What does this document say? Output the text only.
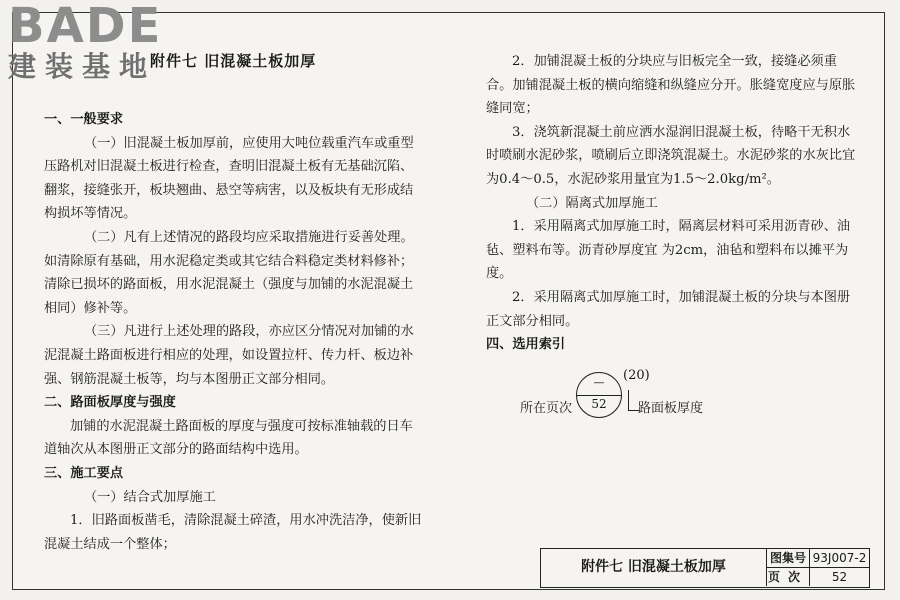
BADE
建装基地
附件七 旧混凝土板加厚

一、一般要求

（一）旧混凝土板加厚前，应使用大吨位载重汽车或重型压路机对旧混凝土板进行检查，查明旧混凝土板有无基础沉陷、翻浆，接缝张开，板块翘曲、悬空等病害，以及板块有无形成结构损坏等情况。

（二）凡有上述情况的路段均应采取措施进行妥善处理。如清除原有基础，用水泥稳定类或其它结合料稳定类材料修补；清除已损坏的路面板，用水泥混凝土（强度与加铺的水泥混凝土相同）修补等。

（三）凡进行上述处理的路段，亦应区分情况对加铺的水泥混凝土路面板进行相应的处理，如设置拉杆、传力杆、板边补强、钢筋混凝土板等，均与本图册正文部分相同。

二、路面板厚度与强度

加铺的水泥混凝土路面板的厚度与强度可按标准轴载的日车道轴次从本图册正文部分的路面结构中选用。

三、施工要点

（一）结合式加厚施工

1．旧路面板凿毛，清除混凝土碎渣，用水冲洗洁净，使新旧混凝土结成一个整体；

2．加铺混凝土板的分块应与旧板完全一致，接缝必须重合。加铺混凝土板的横向缩缝和纵缝应分开。胀缝宽度应与原胀缝同宽；

3．浇筑新混凝土前应洒水湿润旧混凝土板，待略干无积水时喷刷水泥砂浆，喷刷后立即浇筑混凝土。水泥砂浆的水灰比宜为0.4～0.5，水泥砂浆用量宜为1.5～2.0kg/m²。

（二）隔离式加厚施工

1．采用隔离式加厚施工时，隔离层材料可采用沥青砂、油毡、塑料布等。沥青砂厚度宜 为2cm，油毡和塑料布以摊平为度。

2．采用隔离式加厚施工时，加铺混凝土板的分块与本图册正文部分相同。

四、选用索引

—
52
(20)
所在页次	路面板厚度
附件七 旧混凝土板加厚
图集号 93J007-2
页次	52
